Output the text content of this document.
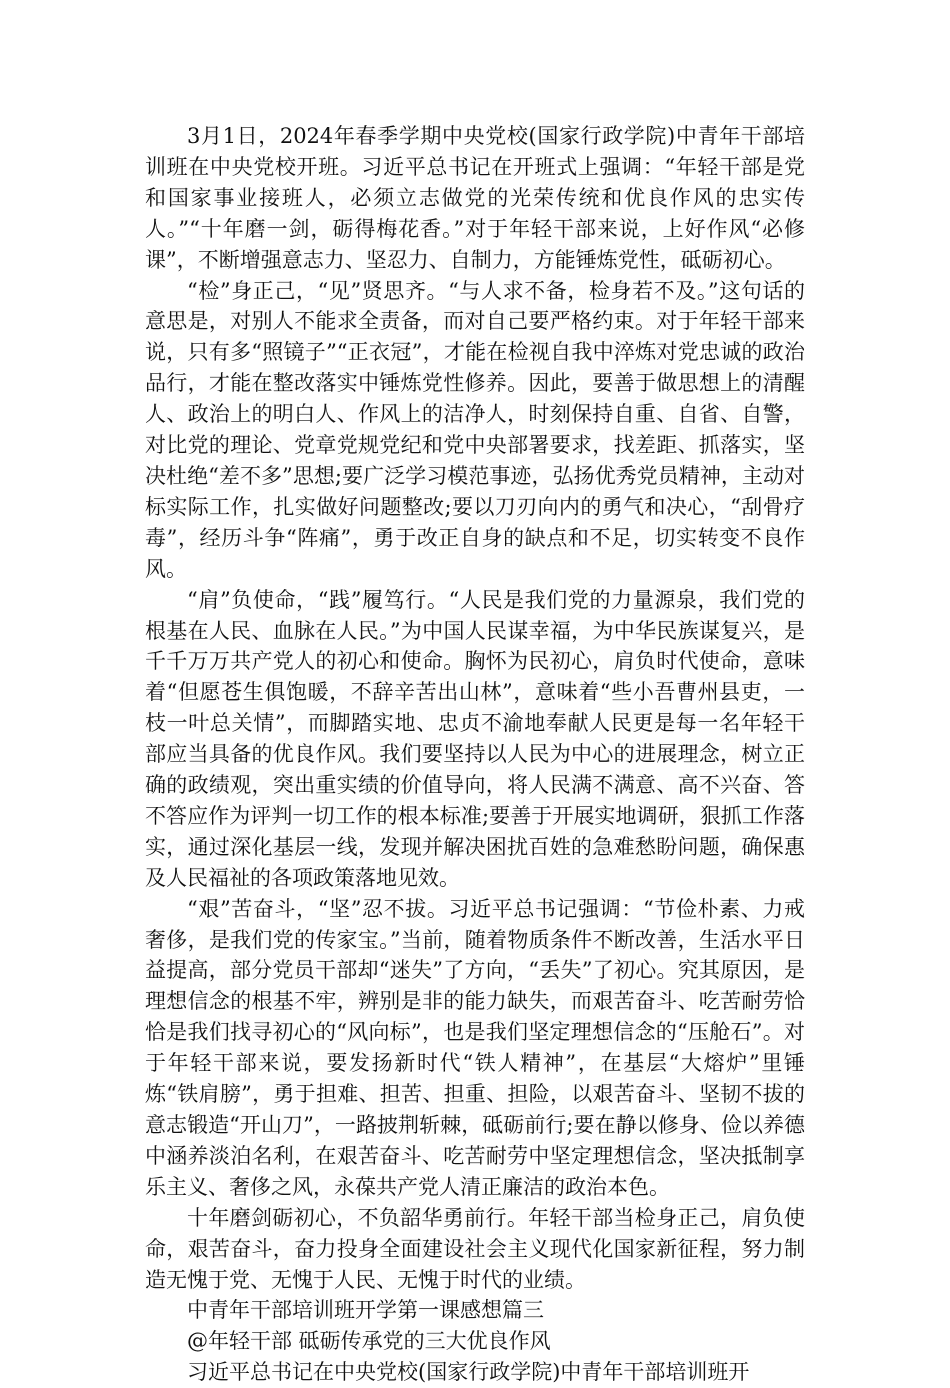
3月1日，2024年春季学期中央党校(国家行政学院)中青年干部培训班在中央党校开班。习近平总书记在开班式上强调：“年轻干部是党和国家事业接班人，必须立志做党的光荣传统和优良作风的忠实传人。”“十年磨一剑，砺得梅花香。”对于年轻干部来说，上好作风“必修课”，不断增强意志力、坚忍力、自制力，方能锤炼党性，砥砺初心。

“检”身正己，“见”贤思齐。“与人求不备，检身若不及。”这句话的意思是，对别人不能求全责备，而对自己要严格约束。对于年轻干部来说，只有多“照镜子”“正衣冠”，才能在检视自我中淬炼对党忠诚的政治品行，才能在整改落实中锤炼党性修养。因此，要善于做思想上的清醒人、政治上的明白人、作风上的洁净人，时刻保持自重、自省、自警，对比党的理论、党章党规党纪和党中央部署要求，找差距、抓落实，坚决杜绝“差不多”思想;要广泛学习模范事迹，弘扬优秀党员精神，主动对标实际工作，扎实做好问题整改;要以刀刃向内的勇气和决心，“刮骨疗毒”，经历斗争“阵痛”，勇于改正自身的缺点和不足，切实转变不良作风。

“肩”负使命，“践”履笃行。“人民是我们党的力量源泉，我们党的根基在人民、血脉在人民。”为中国人民谋幸福，为中华民族谋复兴，是千千万万共产党人的初心和使命。胸怀为民初心，肩负时代使命，意味着“但愿苍生俱饱暖，不辞辛苦出山林”，意味着“些小吾曹州县吏，一枝一叶总关情”，而脚踏实地、忠贞不渝地奉献人民更是每一名年轻干部应当具备的优良作风。我们要坚持以人民为中心的进展理念，树立正确的政绩观，突出重实绩的价值导向，将人民满不满意、高不兴奋、答不答应作为评判一切工作的根本标准;要善于开展实地调研，狠抓工作落实，通过深化基层一线，发现并解决困扰百姓的急难愁盼问题，确保惠及人民福祉的各项政策落地见效。

“艰”苦奋斗，“坚”忍不拔。习近平总书记强调：“节俭朴素、力戒奢侈，是我们党的传家宝。”当前，随着物质条件不断改善，生活水平日益提高，部分党员干部却“迷失”了方向，“丢失”了初心。究其原因，是理想信念的根基不牢，辨别是非的能力缺失，而艰苦奋斗、吃苦耐劳恰恰是我们找寻初心的“风向标”，也是我们坚定理想信念的“压舱石”。对于年轻干部来说，要发扬新时代“铁人精神”，在基层“大熔炉”里锤炼“铁肩膀”，勇于担难、担苦、担重、担险，以艰苦奋斗、坚韧不拔的意志锻造“开山刀”，一路披荆斩棘，砥砺前行;要在静以修身、俭以养德中涵养淡泊名利，在艰苦奋斗、吃苦耐劳中坚定理想信念，坚决抵制享乐主义、奢侈之风，永葆共产党人清正廉洁的政治本色。

十年磨剑砺初心，不负韶华勇前行。年轻干部当检身正己，肩负使命，艰苦奋斗，奋力投身全面建设社会主义现代化国家新征程，努力制造无愧于党、无愧于人民、无愧于时代的业绩。

中青年干部培训班开学第一课感想篇三

@年轻干部 砥砺传承党的三大优良作风

习近平总书记在中央党校(国家行政学院)中青年干部培训班开
